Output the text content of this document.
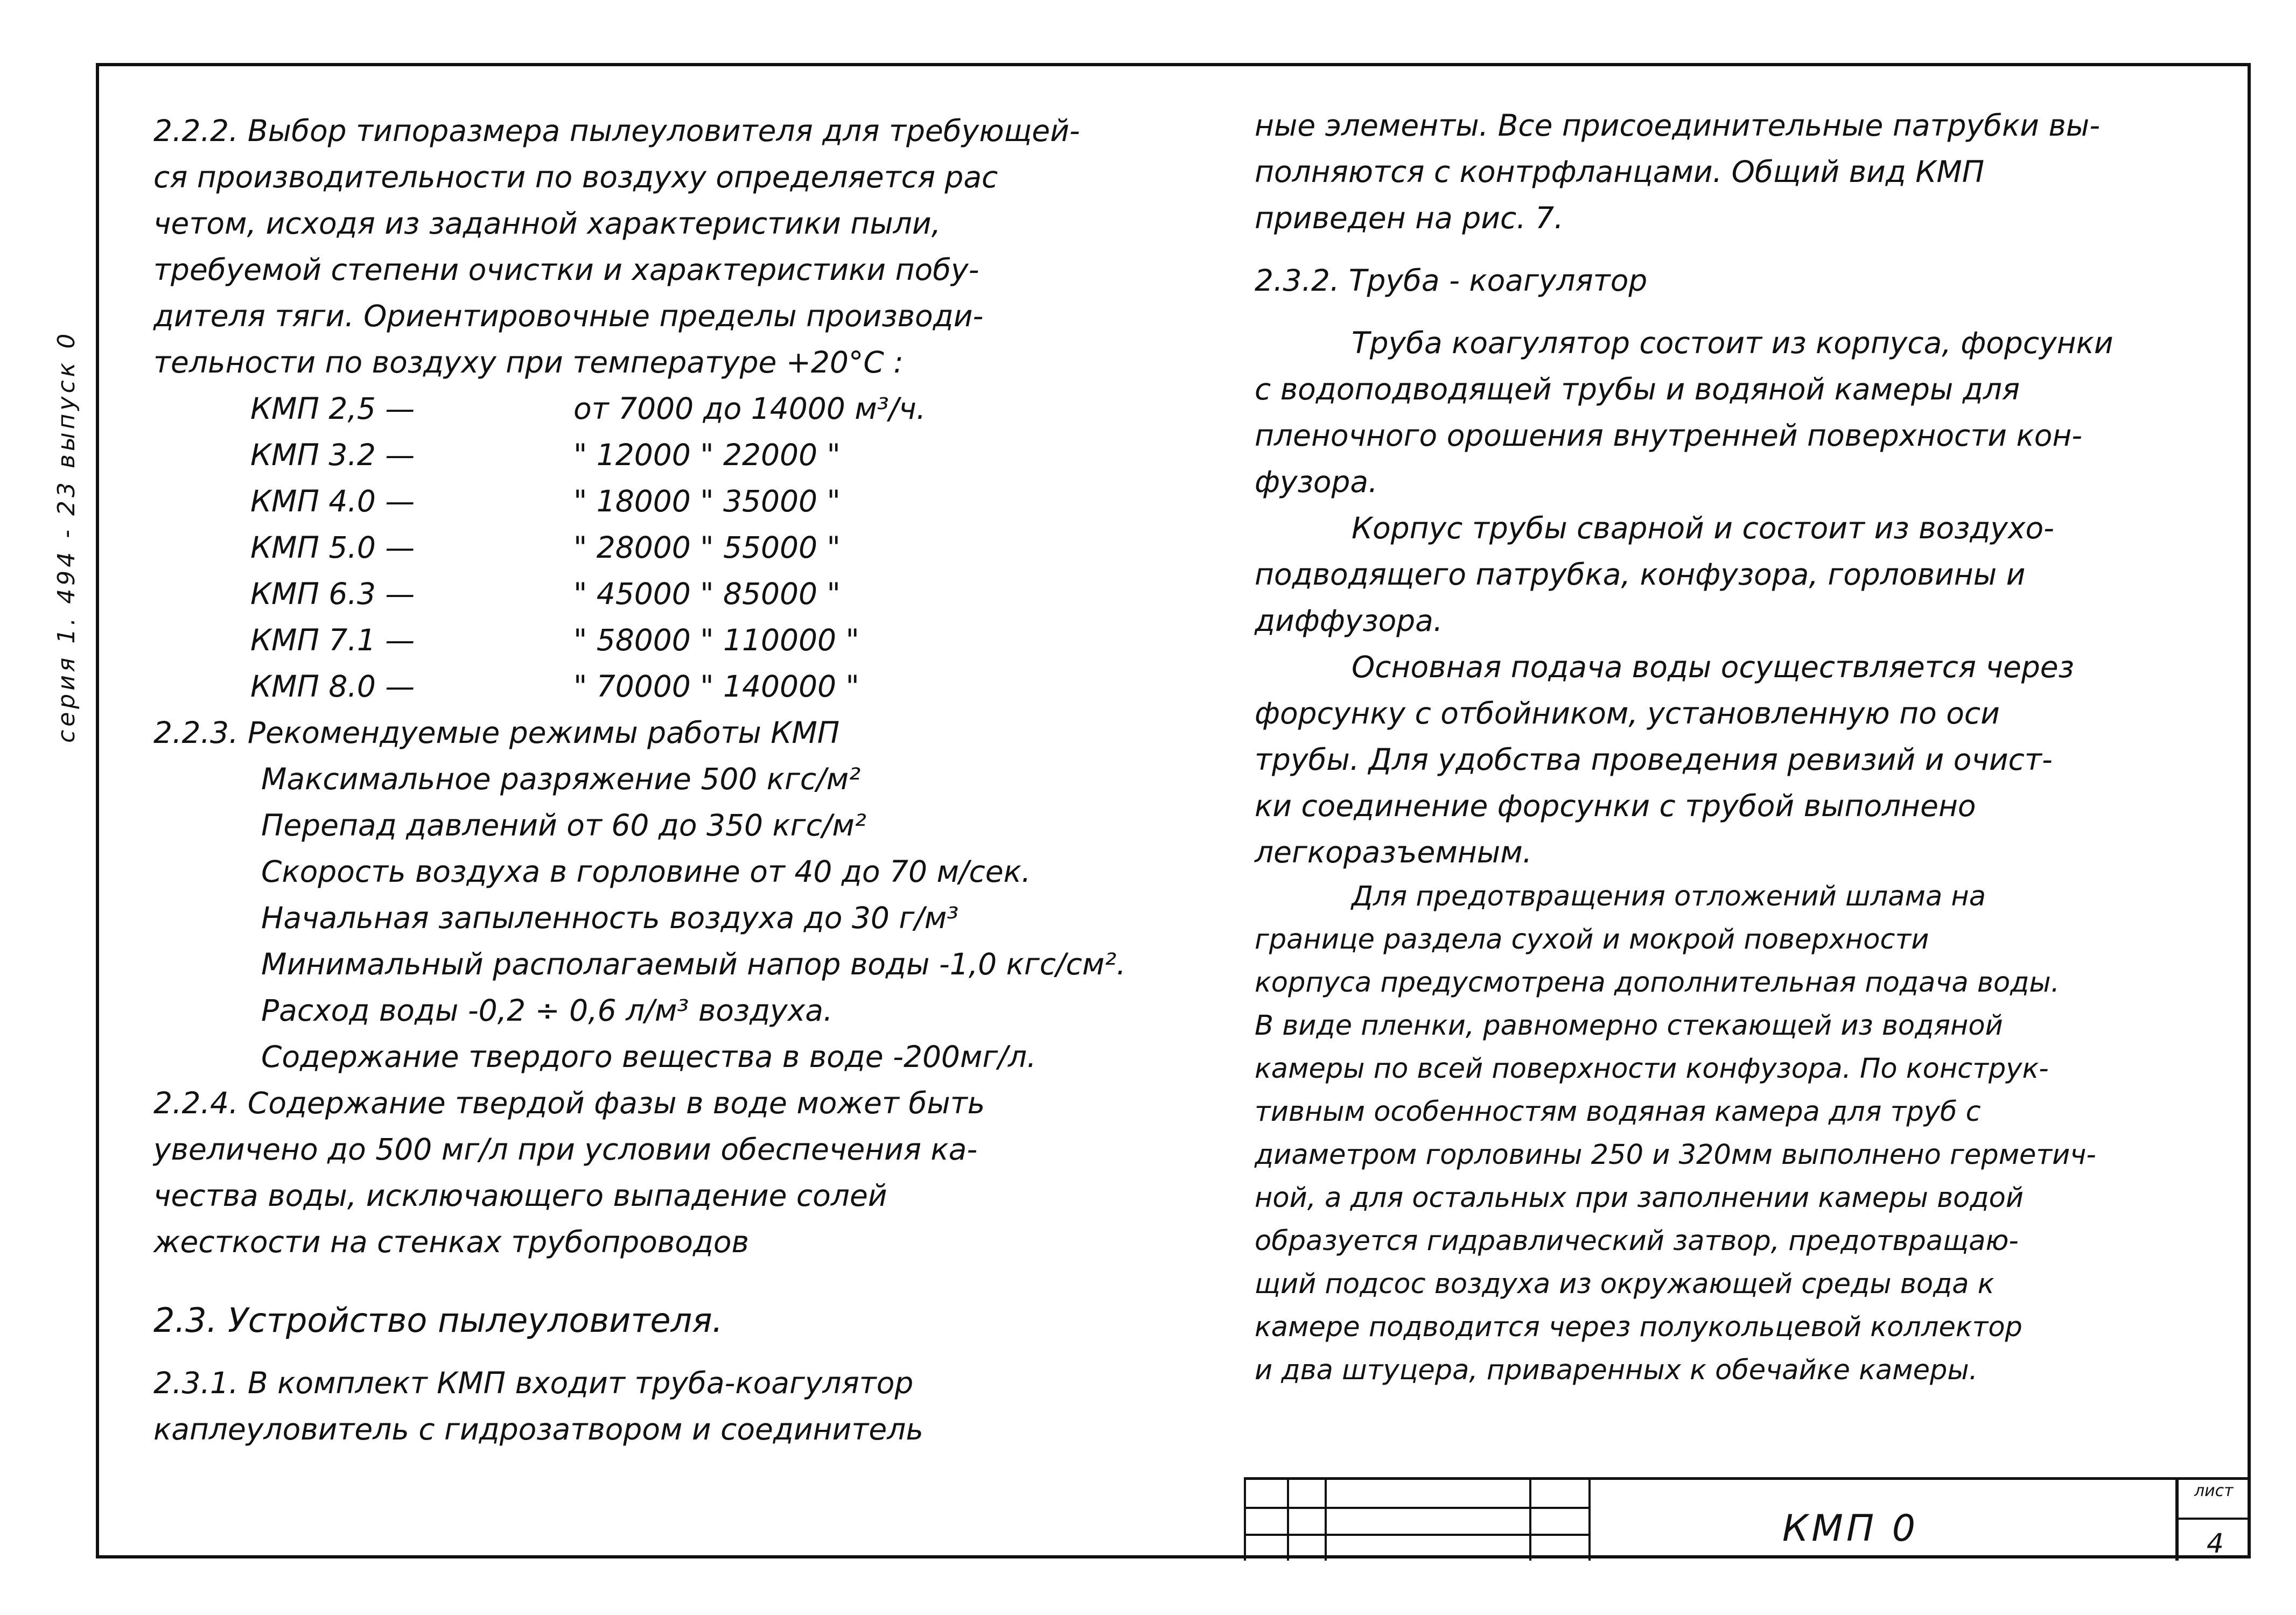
серия 1. 494 - 23 выпуск 0

2.2.2. Выбор типоразмера пылеуловителя для требующей-

ся производительности по воздуху определяется рас

четом, исходя из заданной характеристики пыли,

требуемой степени очистки и характеристики побу-

дителя тяги. Ориентировочные пределы производи-

тельности по воздуху при температуре +20°С :

КМП 2,5 —	от 7000 до 14000 м³/ч.

КМП 3.2 —	" 12000 " 22000 "

КМП 4.0 —	" 18000 " 35000 "

КМП 5.0 —	" 28000 " 55000 "

КМП 6.3 —	" 45000 " 85000 "

КМП 7.1 —	" 58000 " 110000 "

КМП 8.0 —	" 70000 " 140000 "

2.2.3. Рекомендуемые режимы работы КМП

Максимальное разряжение 500 кгс/м²

Перепад давлений от 60 до 350 кгс/м²

Скорость воздуха в горловине от 40 до 70 м/сек.

Начальная запыленность воздуха до 30 г/м³

Минимальный располагаемый напор воды -1,0 кгс/см².

Расход воды -0,2 ÷ 0,6 л/м³ воздуха.

Содержание твердого вещества в воде -200мг/л.

2.2.4. Содержание твердой фазы в воде может быть

увеличено до 500 мг/л при условии обеспечения ка-

чества воды, исключающего выпадение солей

жесткости на стенках трубопроводов

2.3. Устройство пылеуловителя.

2.3.1. В комплект КМП входит труба-коагулятор

каплеуловитель с гидрозатвором и соединитель

ные элементы. Все присоединительные патрубки вы-

полняются с контрфланцами. Общий вид КМП

приведен на рис. 7.

2.3.2. Труба - коагулятор

Труба коагулятор состоит из корпуса, форсунки

с водоподводящей трубы и водяной камеры для

пленочного орошения внутренней поверхности кон-

фузора.

Корпус трубы сварной и состоит из воздухо-

подводящего патрубка, конфузора, горловины и

диффузора.

Основная подача воды осуществляется через

форсунку с отбойником, установленную по оси

трубы. Для удобства проведения ревизий и очист-

ки соединение форсунки с трубой выполнено

легкоразъемным.

Для предотвращения отложений шлама на

границе раздела сухой и мокрой поверхности

корпуса предусмотрена дополнительная подача воды.

В виде пленки, равномерно стекающей из водяной

камеры по всей поверхности конфузора. По конструк-

тивным особенностям водяная камера для труб с

диаметром горловины 250 и 320мм выполнено герметич-

ной, а для остальных при заполнении камеры водой

образуется гидравлический затвор, предотвращаю-

щий подсос воздуха из окружающей среды вода к

камере подводится через полукольцевой коллектор

и два штуцера, приваренных к обечайке камеры.

КМП 0
лист
4
